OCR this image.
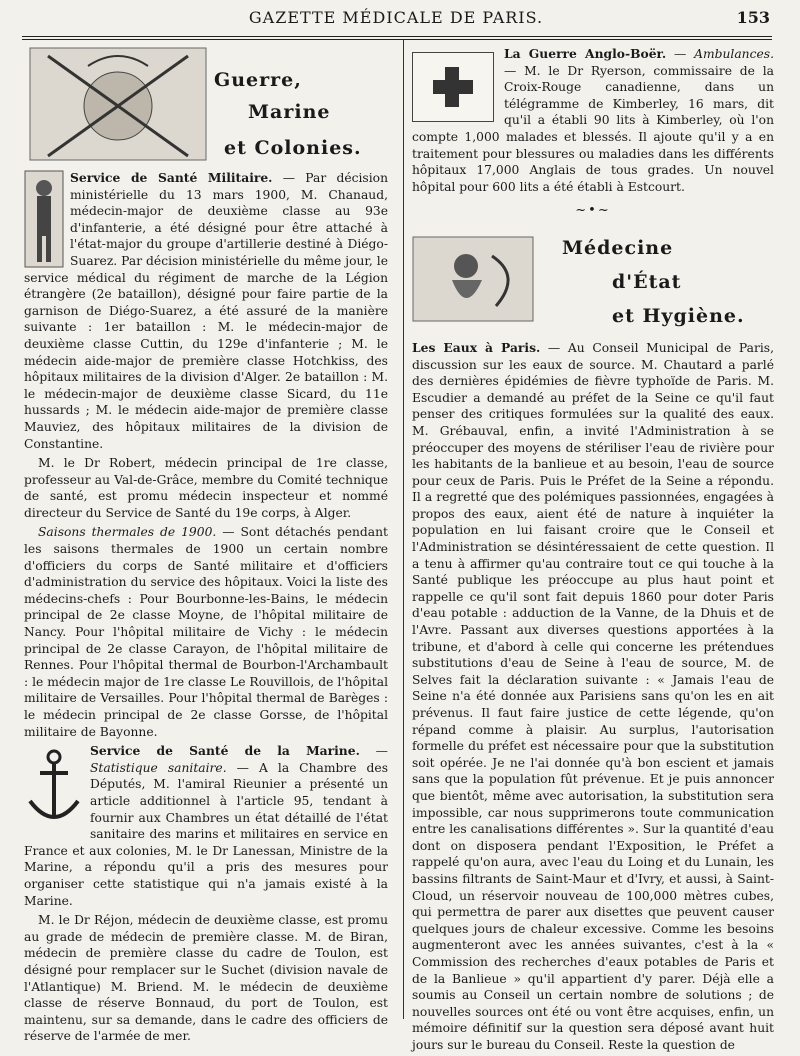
GAZETTE MÉDICALE DE PARIS.	153
Guerre,
Marine
et Colonies.

Service de Santé Militaire. — Par décision ministérielle du 13 mars 1900, M. Chanaud, médecin-major de deuxième classe au 93e d'infanterie, a été désigné pour être attaché à l'état-major du groupe d'artillerie destiné à Diégo-Suarez. Par décision ministérielle du même jour, le service médical du régiment de marche de la Légion étrangère (2e bataillon), désigné pour faire partie de la garnison de Diégo-Suarez, a été assuré de la manière suivante : 1er bataillon : M. le médecin-major de deuxième classe Cuttin, du 129e d'infanterie ; M. le médecin aide-major de première classe Hotchkiss, des hôpitaux militaires de la division d'Alger. 2e bataillon : M. le médecin-major de deuxième classe Sicard, du 11e hussards ; M. le médecin aide-major de première classe Mauviez, des hôpitaux militaires de la division de Constantine.

M. le Dr Robert, médecin principal de 1re classe, professeur au Val-de-Grâce, membre du Comité technique de santé, est promu médecin inspecteur et nommé directeur du Service de Santé du 19e corps, à Alger.

Saisons thermales de 1900. — Sont détachés pendant les saisons thermales de 1900 un certain nombre d'officiers du corps de Santé militaire et d'officiers d'administration du service des hôpitaux. Voici la liste des médecins-chefs : Pour Bourbonne-les-Bains, le médecin principal de 2e classe Moyne, de l'hôpital militaire de Nancy. Pour l'hôpital militaire de Vichy : le médecin principal de 2e classe Carayon, de l'hôpital militaire de Rennes. Pour l'hôpital thermal de Bourbon-l'Archambault : le médecin major de 1re classe Le Rouvillois, de l'hôpital militaire de Versailles. Pour l'hôpital thermal de Barèges : le médecin principal de 2e classe Gorsse, de l'hôpital militaire de Bayonne.

Service de Santé de la Marine. — Statistique sanitaire. — A la Chambre des Députés, M. l'amiral Rieunier a présenté un article additionnel à l'article 95, tendant à fournir aux Chambres un état détaillé de l'état sanitaire des marins et militaires en service en France et aux colonies, M. le Dr Lanessan, Ministre de la Marine, a répondu qu'il a pris des mesures pour organiser cette statistique qui n'a jamais existé à la Marine.

M. le Dr Réjon, médecin de deuxième classe, est promu au grade de médecin de première classe. M. de Biran, médecin de première classe du cadre de Toulon, est désigné pour remplacer sur le Suchet (division navale de l'Atlantique) M. Briend. M. le médecin de deuxième classe de réserve Bonnaud, du port de Toulon, est maintenu, sur sa demande, dans le cadre des officiers de réserve de l'armée de mer.

La Guerre Anglo-Boër. — Ambulances. — M. le Dr Ryerson, commissaire de la Croix-Rouge canadienne, dans un télégramme de Kimberley, 16 mars, dit qu'il a établi 90 lits à Kimberley, où l'on compte 1,000 malades et blessés. Il ajoute qu'il y a en traitement pour blessures ou maladies dans les différents hôpitaux 17,000 Anglais de tous grades. Un nouvel hôpital pour 600 lits a été établi à Estcourt.

~•~
Médecine
d'État
et Hygiène.

Les Eaux à Paris. — Au Conseil Municipal de Paris, discussion sur les eaux de source. M. Chautard a parlé des dernières épidémies de fièvre typhoïde de Paris. M. Escudier a demandé au préfet de la Seine ce qu'il faut penser des critiques formulées sur la qualité des eaux. M. Grébauval, enfin, a invité l'Administration à se préoccuper des moyens de stériliser l'eau de rivière pour les habitants de la banlieue et au besoin, l'eau de source pour ceux de Paris. Puis le Préfet de la Seine a répondu. Il a regretté que des polémiques passionnées, engagées à propos des eaux, aient été de nature à inquiéter la population en lui faisant croire que le Conseil et l'Administration se désintéressaient de cette question. Il a tenu à affirmer qu'au contraire tout ce qui touche à la Santé publique les préoccupe au plus haut point et rappelle ce qu'il sont fait depuis 1860 pour doter Paris d'eau potable : adduction de la Vanne, de la Dhuis et de l'Avre. Passant aux diverses questions apportées à la tribune, et d'abord à celle qui concerne les prétendues substitutions d'eau de Seine à l'eau de source, M. de Selves fait la déclaration suivante : « Jamais l'eau de Seine n'a été donnée aux Parisiens sans qu'on les en ait prévenus. Il faut faire justice de cette légende, qu'on répand comme à plaisir. Au surplus, l'autorisation formelle du préfet est nécessaire pour que la substitution soit opérée. Je ne l'ai donnée qu'à bon escient et jamais sans que la population fût prévenue. Et je puis annoncer que bientôt, même avec autorisation, la substitution sera impossible, car nous supprimerons toute communication entre les canalisations différentes ». Sur la quantité d'eau dont on disposera pendant l'Exposition, le Préfet a rappelé qu'on aura, avec l'eau du Loing et du Lunain, les bassins filtrants de Saint-Maur et d'Ivry, et aussi, à Saint-Cloud, un réservoir nouveau de 100,000 mètres cubes, qui permettra de parer aux disettes que peuvent causer quelques jours de chaleur excessive. Comme les besoins augmenteront avec les années suivantes, c'est à la « Commission des recherches d'eaux potables de Paris et de la Banlieue » qu'il appartient d'y parer. Déjà elle a soumis au Conseil un certain nombre de solutions ; de nouvelles sources ont été ou vont être acquises, enfin, un mémoire définitif sur la question sera déposé avant huit jours sur le bureau du Conseil. Reste la question de
